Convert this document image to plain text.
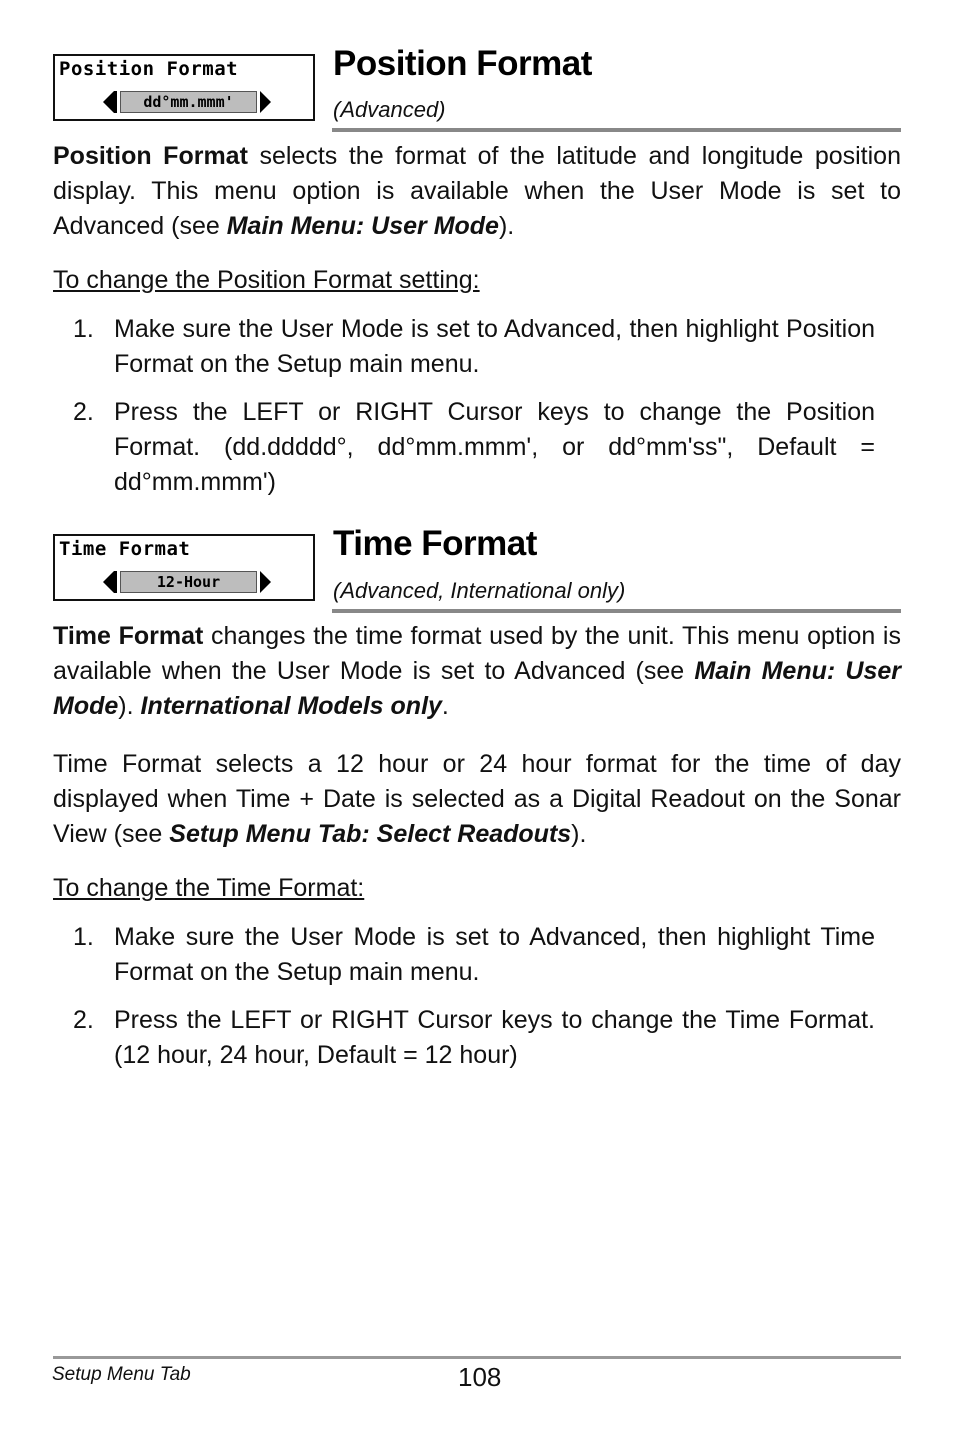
Position Format
dd°mm.mmm'
Position Format
(Advanced)

Position Format selects the format of the latitude and longitude position display. This menu option is available when the User Mode is set to Advanced (see Main Menu: User Mode).

To change the Position Format setting:
1. Make sure the User Mode is set to Advanced, then highlight Position Format on the Setup main menu.
2. Press the LEFT or RIGHT Cursor keys to change the Position Format. (dd.ddddd°, dd°mm.mmm', or dd°mm'ss", Default = dd°mm.mmm')
Time Format
12-Hour
Time Format
(Advanced, International only)

Time Format changes the time format used by the unit. This menu option is available when the User Mode is set to Advanced (see Main Menu: User Mode). International Models only.

Time Format selects a 12 hour or 24 hour format for the time of day displayed when Time + Date is selected as a Digital Readout on the Sonar View (see Setup Menu Tab: Select Readouts).

To change the Time Format:
1. Make sure the User Mode is set to Advanced, then highlight Time Format on the Setup main menu.
2. Press the LEFT or RIGHT Cursor keys to change the Time Format. (12 hour, 24 hour, Default = 12 hour)
Setup Menu Tab	108
